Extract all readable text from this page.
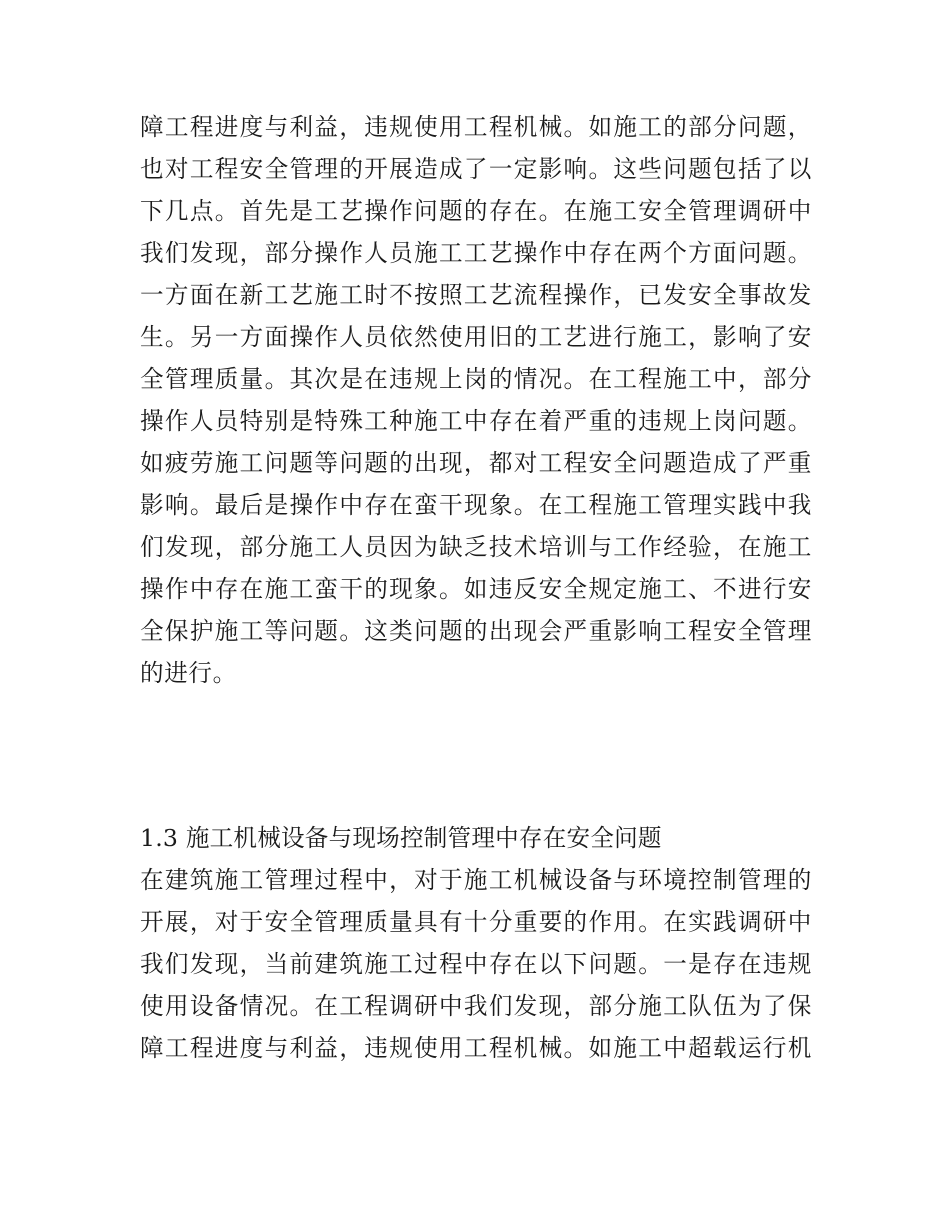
障工程进度与利益，违规使用工程机械。如施工的部分问题，
也对工程安全管理的开展造成了一定影响。这些问题包括了以
下几点。首先是工艺操作问题的存在。在施工安全管理调研中
我们发现，部分操作人员施工工艺操作中存在两个方面问题。
一方面在新工艺施工时不按照工艺流程操作，已发安全事故发
生。另一方面操作人员依然使用旧的工艺进行施工，影响了安
全管理质量。其次是在违规上岗的情况。在工程施工中，部分
操作人员特别是特殊工种施工中存在着严重的违规上岗问题。
如疲劳施工问题等问题的出现，都对工程安全问题造成了严重
影响。最后是操作中存在蛮干现象。在工程施工管理实践中我
们发现，部分施工人员因为缺乏技术培训与工作经验，在施工
操作中存在施工蛮干的现象。如违反安全规定施工、不进行安
全保护施工等问题。这类问题的出现会严重影响工程安全管理
的进行。
1.3 施工机械设备与现场控制管理中存在安全问题
在建筑施工管理过程中，对于施工机械设备与环境控制管理的
开展，对于安全管理质量具有十分重要的作用。在实践调研中
我们发现，当前建筑施工过程中存在以下问题。一是存在违规
使用设备情况。在工程调研中我们发现，部分施工队伍为了保
障工程进度与利益，违规使用工程机械。如施工中超载运行机
